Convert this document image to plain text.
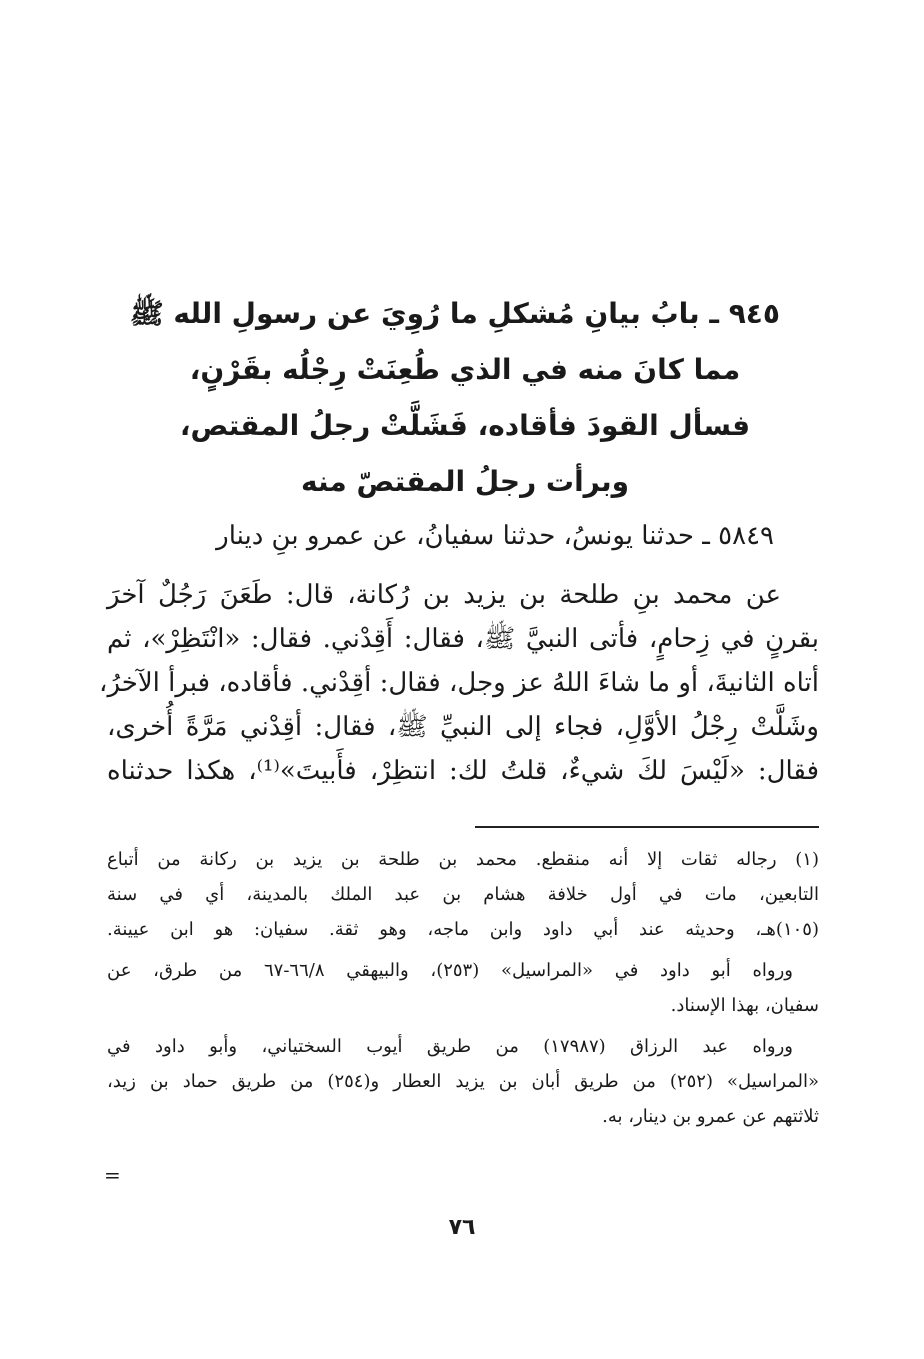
٩٤٥ ـ بابُ بيانِ مُشكلِ ما رُوِيَ عن رسولِ الله ﷺ
مما كانَ منه في الذي طُعِنَتْ رِجْلُه بقَرْنٍ،
فسأل القودَ فأقاده، فَشَلَّتْ رجلُ المقتص،
وبرأت رجلُ المقتصّ منه
٥٨٤٩ ـ حدثنا يونسُ، حدثنا سفيانُ، عن عمرو بنِ دينار
عن محمد بنِ طلحة بن يزيد بن رُكانة، قال: طَعَنَ رَجُلٌ آخرَ
بقرنٍ في زِحامٍ، فأتى النبيَّ ﷺ، فقال: أَقِدْني. فقال: «انْتَظِرْ»، ثم
أتاه الثانيةَ، أو ما شاءَ اللهُ عز وجل، فقال: أقِدْني. فأقاده، فبرأ الآخرُ،
وشَلَّتْ رِجْلُ الأوَّلِ، فجاء إلى النبيِّ ﷺ، فقال: أقِدْني مَرَّةً أُخرى،
فقال: «لَيْسَ لكَ شيءٌ، قلتُ لك: انتظِرْ، فأَبيتَ»⁽¹⁾، هكذا حدثناه
(١) رجاله ثقات إلا أنه منقطع. محمد بن طلحة بن يزيد بن ركانة من أتباع
التابعين، مات في أول خلافة هشام بن عبد الملك بالمدينة، أي في سنة
(١٠٥)هـ، وحديثه عند أبي داود وابن ماجه، وهو ثقة. سفيان: هو ابن عيينة.
ورواه أبو داود في «المراسيل» (٢٥٣)، والبيهقي ٦٦/٨-٦٧ من طرق، عن
سفيان، بهذا الإسناد.
ورواه عبد الرزاق (١٧٩٨٧) من طريق أيوب السختياني، وأبو داود في
«المراسيل» (٢٥٢) من طريق أبان بن يزيد العطار و(٢٥٤) من طريق حماد بن زيد،
ثلاثتهم عن عمرو بن دينار، به.
=
٧٦
